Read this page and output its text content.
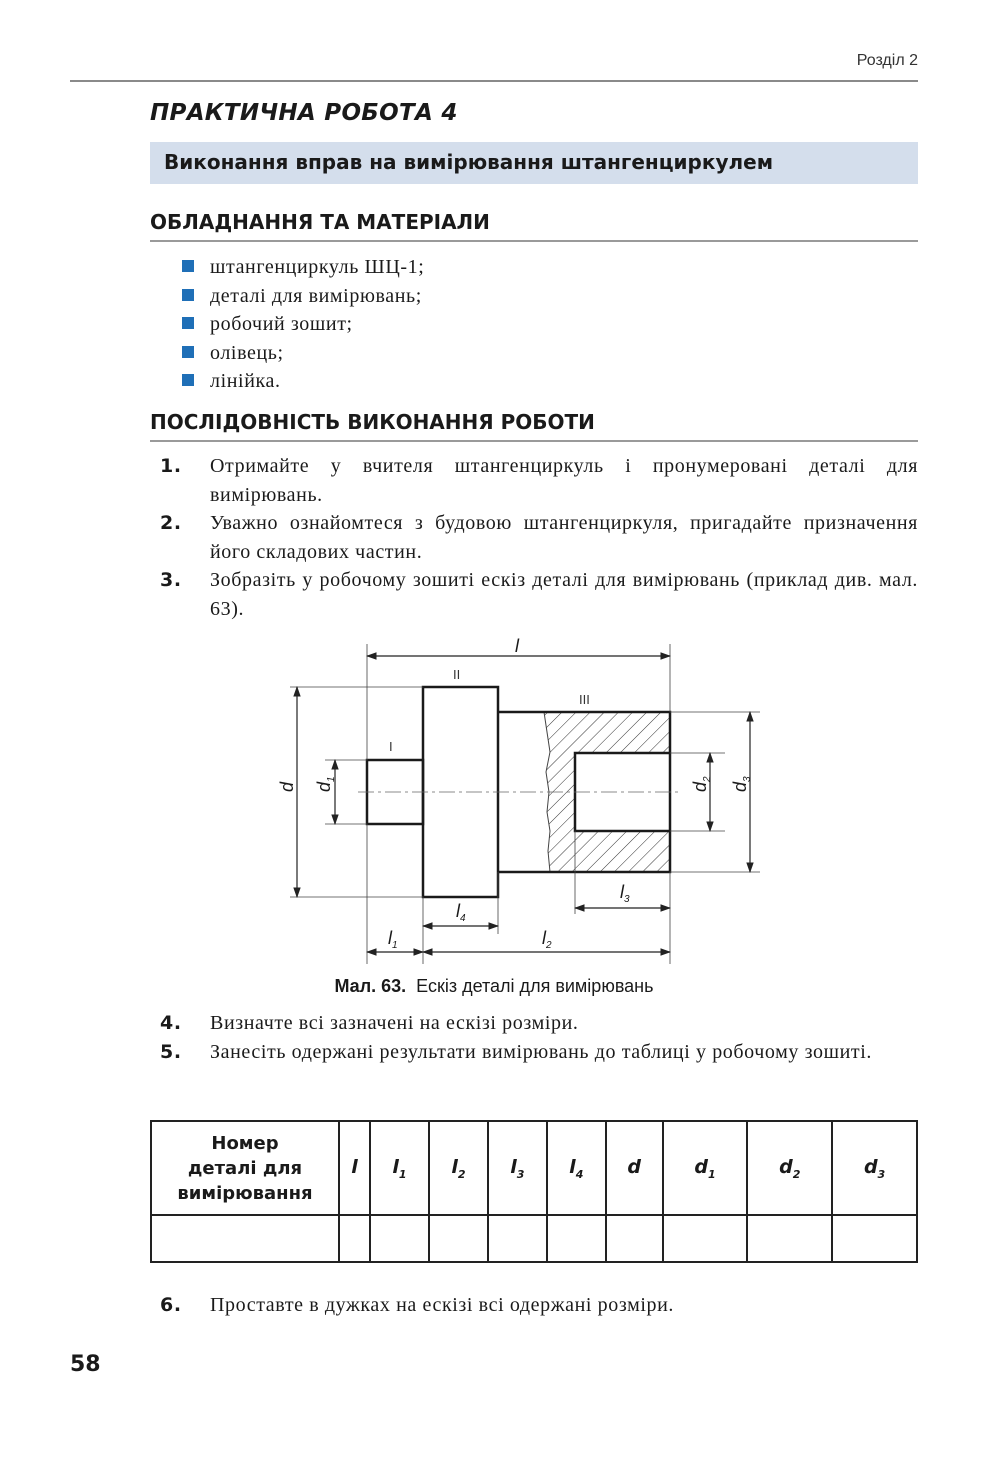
Розділ 2
ПРАКТИЧНА РОБОТА 4
Виконання вправ на вимірювання штангенциркулем
ОБЛАДНАННЯ ТА МАТЕРІАЛИ
штангенциркуль ШЦ-1;
деталі для вимірювань;
робочий зошит;
олівець;
лінійка.
ПОСЛІДОВНІСТЬ ВИКОНАННЯ РОБОТИ
1.	Отримайте у вчителя штангенциркуль і пронумеровані деталі для вимірювань.
2.	Уважно ознайомтеся з будовою штангенциркуля, пригадайте призначення його складових частин.
3.	Зобразіть у робочому зошиті ескіз деталі для вимірювань (приклад див. мал. 63).
l
d $d_1$
$d_2$
$d_3$
$l_4$
$l_3$
$l_1$	$l_2$
I
II
III
Мал. 63. Ескіз деталі для вимірювань
4.	Визначте всі зазначені на ескізі розміри.
5.	Занесіть одержані результати вимірювань до таблиці у робочому зошиті.
Номер
деталі для
вимірювання	l	$l_1$	$l_2$	$l_3$	$l_4$	d	$d_1$	$d_2$	$d_3$

6.	Проставте в дужках на ескізі всі одержані розміри.
58
